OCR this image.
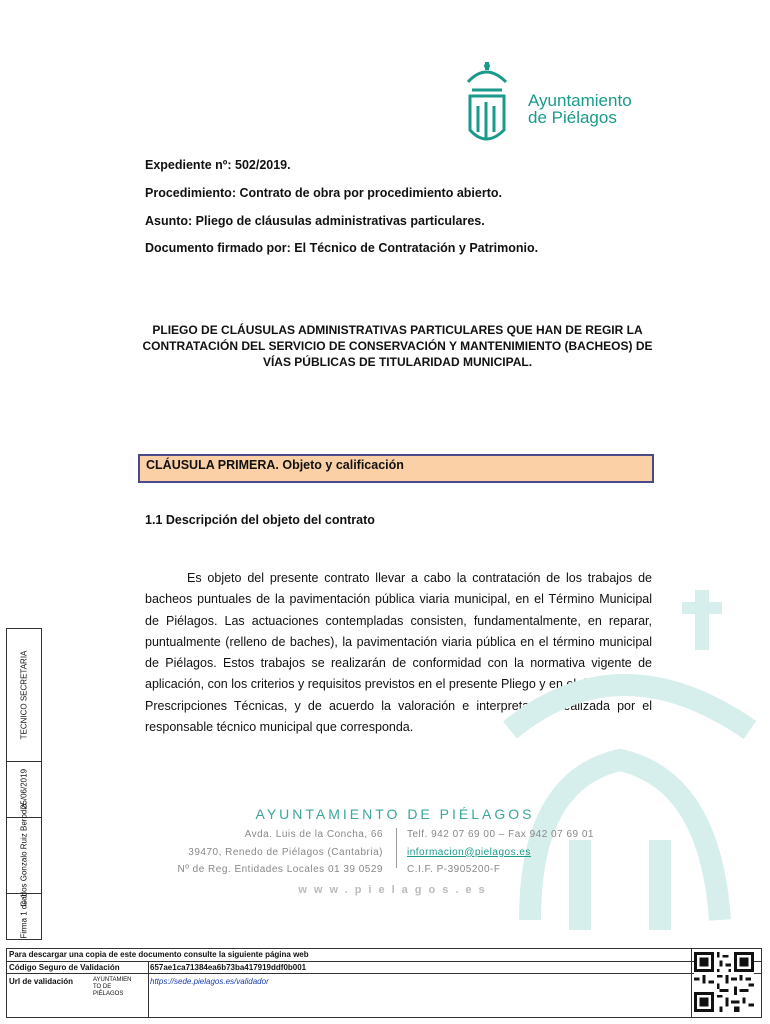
Ayuntamiento
de Piélagos
Expediente nº: 502/2019.
Procedimiento: Contrato de obra por procedimiento abierto.
Asunto: Pliego de cláusulas administrativas particulares.
Documento firmado por: El Técnico de Contratación y Patrimonio.
PLIEGO DE CLÁUSULAS ADMINISTRATIVAS PARTICULARES QUE HAN DE REGIR LA CONTRATACIÓN DEL SERVICIO DE CONSERVACIÓN Y MANTENIMIENTO (BACHEOS) DE VÍAS PÚBLICAS DE TITULARIDAD MUNICIPAL.
CLÁUSULA PRIMERA. Objeto y calificación
1.1 Descripción del objeto del contrato
Es objeto del presente contrato llevar a cabo la contratación de los trabajos de bacheos puntuales de la pavimentación pública viaria municipal, en el Término Municipal de Piélagos. Las actuaciones contempladas consisten, fundamentalmente, en reparar, puntualmente (relleno de baches), la pavimentación viaria pública en el término municipal de Piélagos. Estos trabajos se realizarán de conformidad con la normativa vigente de aplicación, con los criterios y requisitos previstos en el presente Pliego y en el del Pliego de Prescripciones Técnicas, y de acuerdo la valoración e interpretación realizada por el responsable técnico municipal que corresponda.
AYUNTAMIENTO DE PIÉLAGOS
Avda. Luis de la Concha, 66
39470, Renedo de Piélagos (Cantabria)
Nº de Reg. Entidades Locales 01 39 0529
Telf. 942 07 69 00 – Fax 942 07 69 01
informacion@pielagos.es
C.I.F. P-3905200-F
www.pielagos.es
TECNICO SECRETARIA
25/06/2019
Carlos Gonzalo Ruiz Berodia
Firma 1 de 1
Para descargar una copia de este documento consulte la siguiente página web
Código Seguro de Validación	657ae1ca71384ea6b73ba417919ddf0b001
Url de validación	AYUNTAMIEN TO DE PIÉLAGOS
https://sede.pielagos.es/validador
